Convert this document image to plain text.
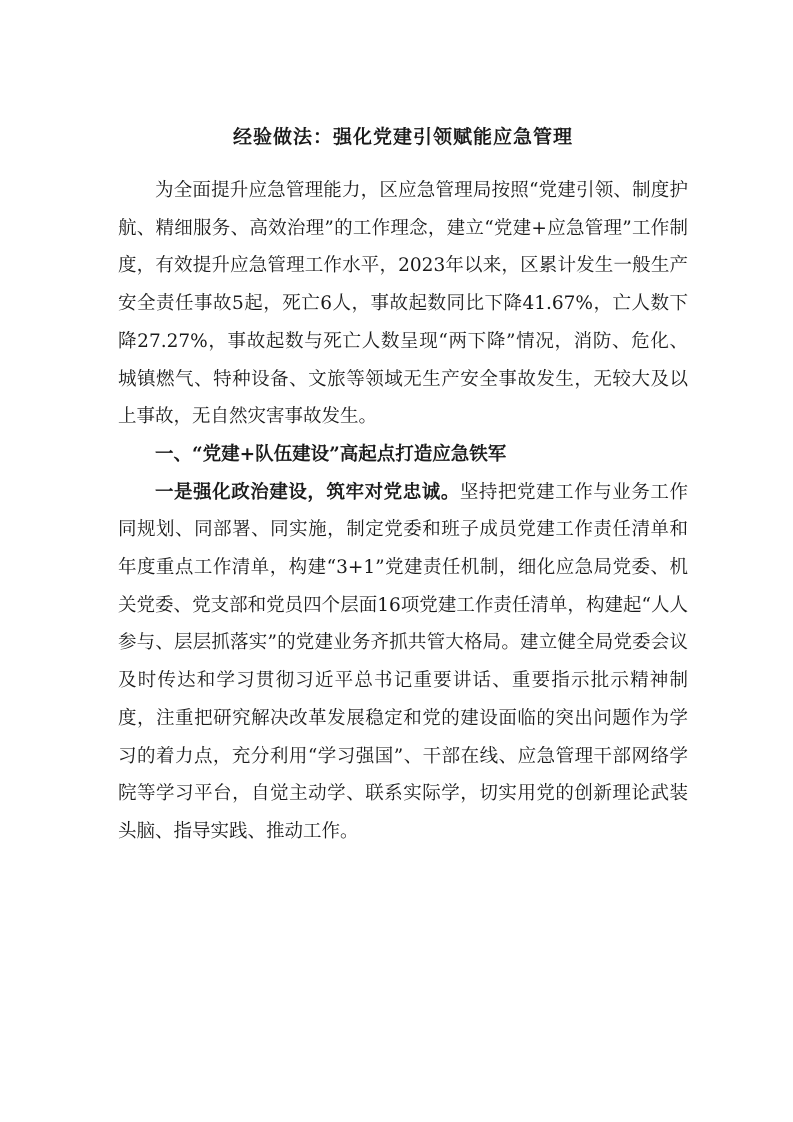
经验做法：强化党建引领赋能应急管理

为全面提升应急管理能力，区应急管理局按照“党建引领、制度护航、精细服务、高效治理”的工作理念，建立“党建+应急管理”工作制度，有效提升应急管理工作水平，2023年以来，区累计发生一般生产安全责任事故5起，死亡6人，事故起数同比下降41.67%，亡人数下降27.27%，事故起数与死亡人数呈现“两下降”情况，消防、危化、城镇燃气、特种设备、文旅等领域无生产安全事故发生，无较大及以上事故，无自然灾害事故发生。

一、“党建+队伍建设”高起点打造应急铁军

一是强化政治建设，筑牢对党忠诚。坚持把党建工作与业务工作同规划、同部署、同实施，制定党委和班子成员党建工作责任清单和年度重点工作清单，构建“3+1”党建责任机制，细化应急局党委、机关党委、党支部和党员四个层面16项党建工作责任清单，构建起“人人参与、层层抓落实”的党建业务齐抓共管大格局。建立健全局党委会议及时传达和学习贯彻习近平总书记重要讲话、重要指示批示精神制度，注重把研究解决改革发展稳定和党的建设面临的突出问题作为学习的着力点，充分利用“学习强国”、干部在线、应急管理干部网络学院等学习平台，自觉主动学、联系实际学，切实用党的创新理论武装头脑、指导实践、推动工作。
